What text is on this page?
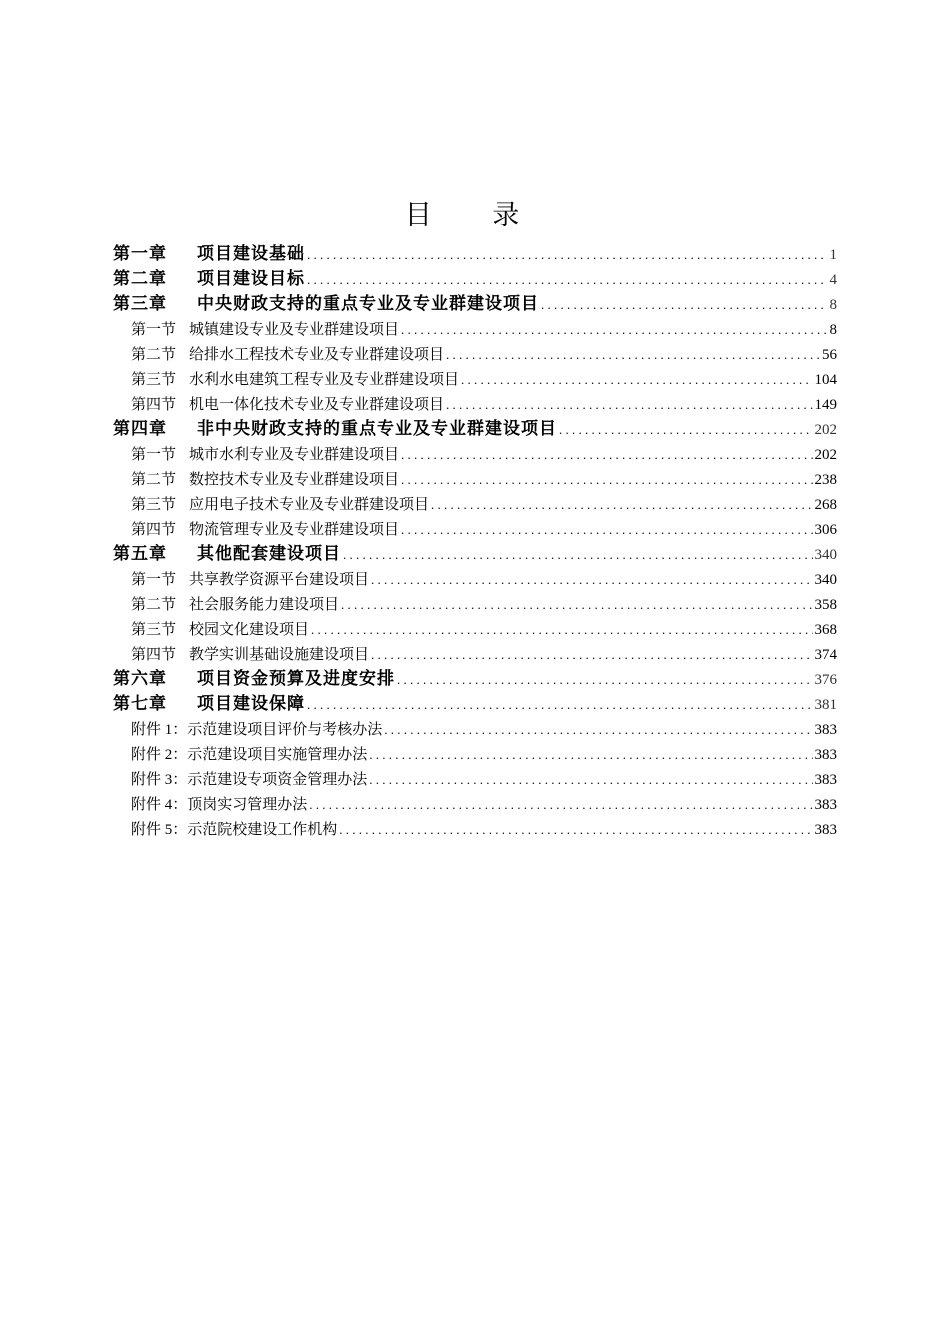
目 录
第一章 项目建设基础 . . .	1
第二章 项目建设目标 . . .	4
第三章 中央财政支持的重点专业及专业群建设项目 . . .	8
第一节 城镇建设专业及专业群建设项目 . . .	8
第二节 给排水工程技术专业及专业群建设项目 . . .	56
第三节 水利水电建筑工程专业及专业群建设项目 . . .	104
第四节 机电一体化技术专业及专业群建设项目 . . .	149
第四章 非中央财政支持的重点专业及专业群建设项目 . . .	202
第一节 城市水利专业及专业群建设项目 . . .	202
第二节 数控技术专业及专业群建设项目 . . .	238
第三节 应用电子技术专业及专业群建设项目 . . .	268
第四节 物流管理专业及专业群建设项目 . . .	306
第五章 其他配套建设项目 . . .	340
第一节 共享教学资源平台建设项目 . . .	340
第二节 社会服务能力建设项目 . . .	358
第三节 校园文化建设项目 . . .	368
第四节 教学实训基础设施建设项目 . . .	374
第六章 项目资金预算及进度安排 . . .	376
第七章 项目建设保障 . . .	381
附件 1：示范建设项目评价与考核办法 . . .	383
附件 2：示范建设项目实施管理办法 . . .	383
附件 3：示范建设专项资金管理办法 . . .	383
附件 4：顶岗实习管理办法 . . .	383
附件 5：示范院校建设工作机构 . . .	383
